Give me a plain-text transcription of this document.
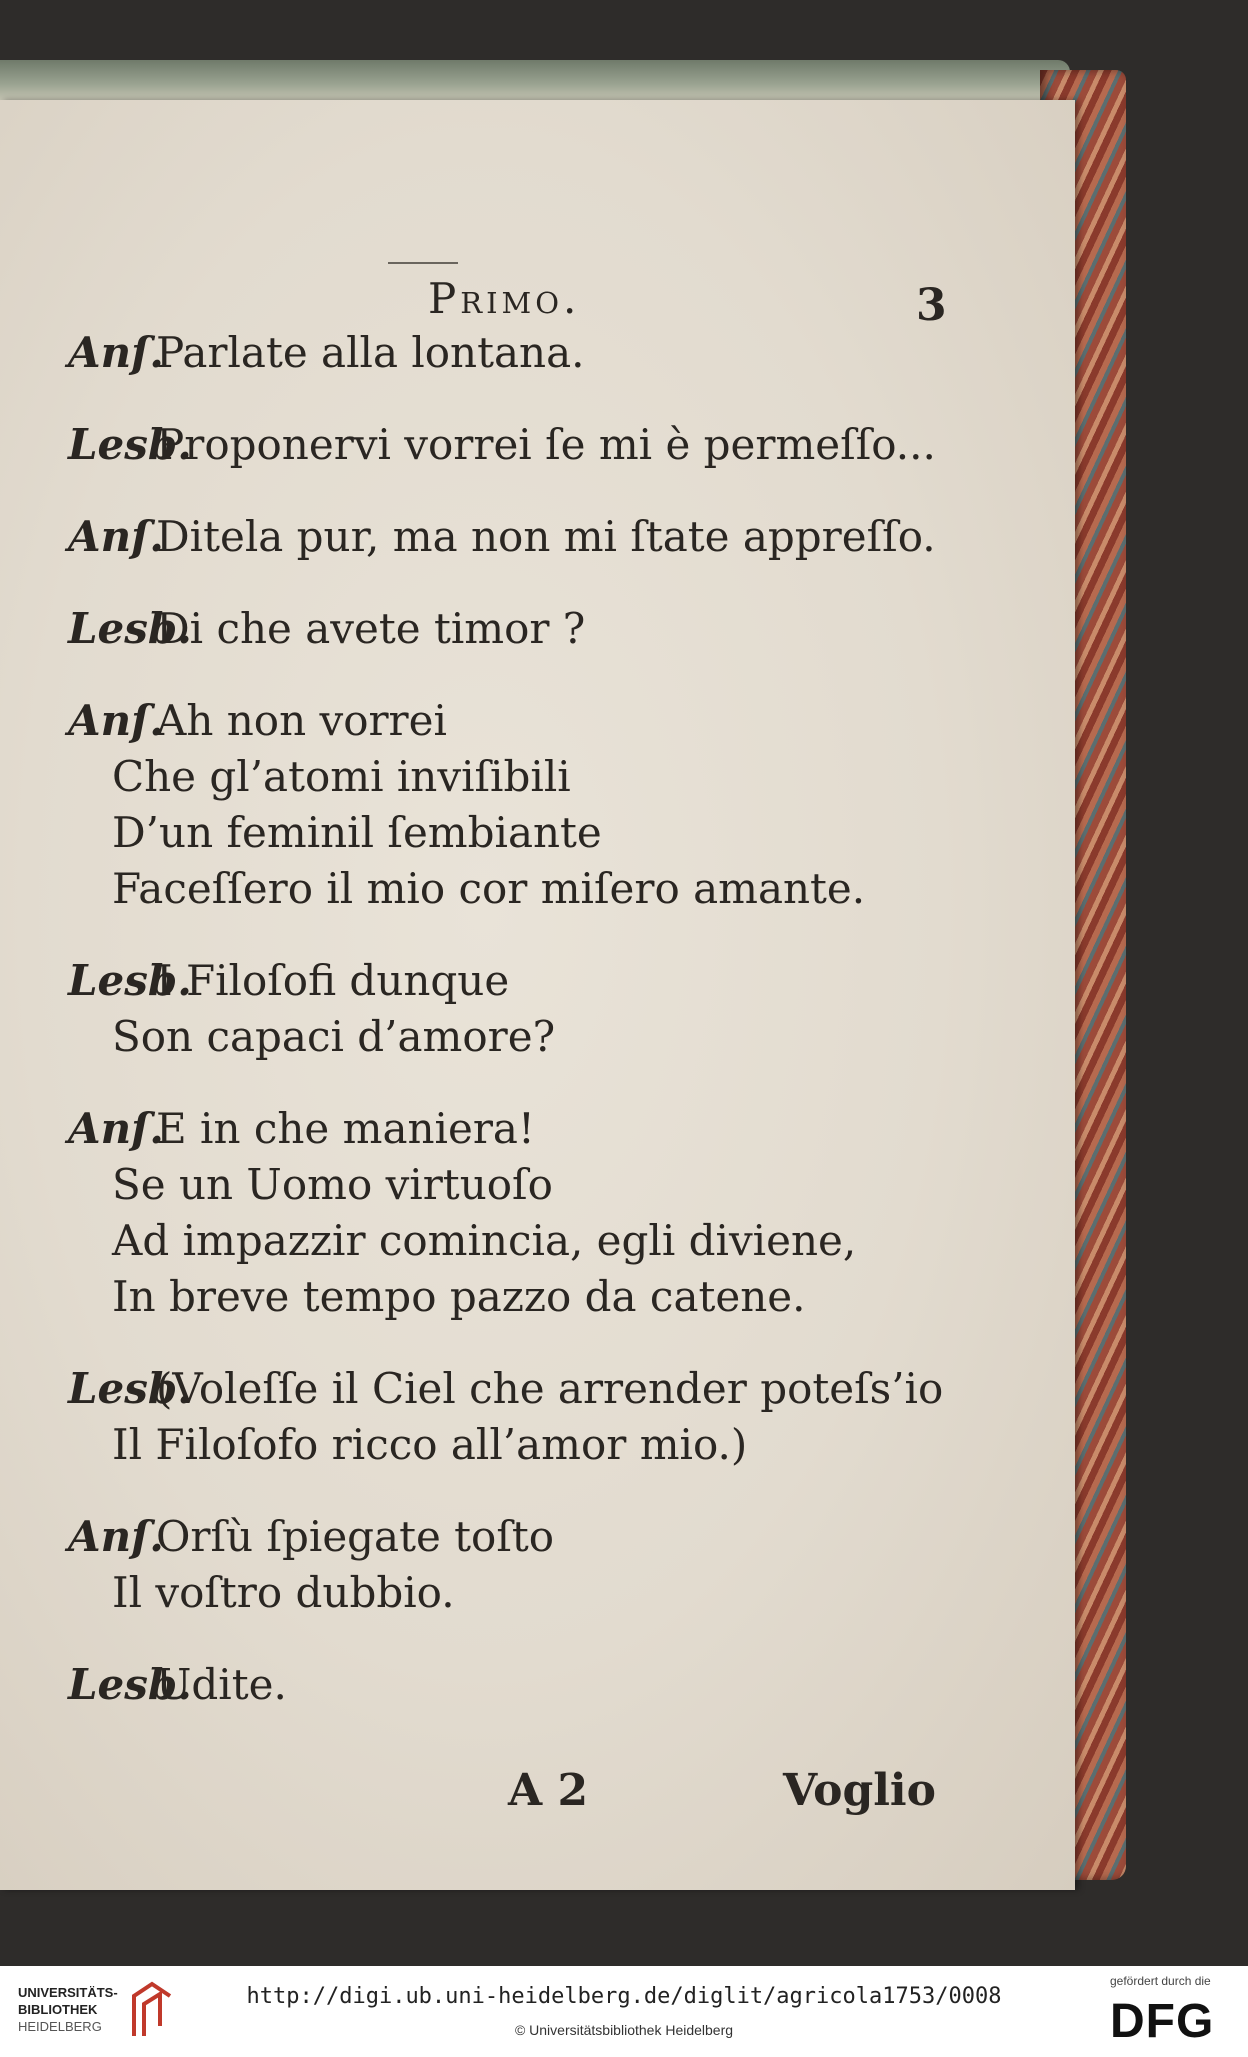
Primo.	3
Anſ.Parlate alla lontana.
Lesb.Proponervi vorrei ſe mi è permeſſo...
Anſ.Ditela pur, ma non mi ſtate appreſſo.
Lesb.Di che avete timor ?
Anſ.Ah non vorrei
Che gl’atomi inviſibili
D’un feminil ſembiante
Faceſſero il mio cor miſero amante.
Lesb.I Filoſofi dunque
Son capaci d’amore?
Anſ.E in che maniera!
Se un Uomo virtuoſo
Ad impazzir comincia, egli diviene,
In breve tempo pazzo da catene.
Lesb.(Voleſſe il Ciel che arrender poteſs’io
Il Filoſofo ricco all’amor mio.)
Anſ.Orſù ſpiegate toſto
Il voſtro dubbio.
Lesb.Udite.
A 2	Voglio
UNIVERSITÄTS-
BIBLIOTHEK
HEIDELBERG
http://digi.ub.uni-heidelberg.de/diglit/agricola1753/0008
© Universitätsbibliothek Heidelberg
gefördert durch die
DFG
